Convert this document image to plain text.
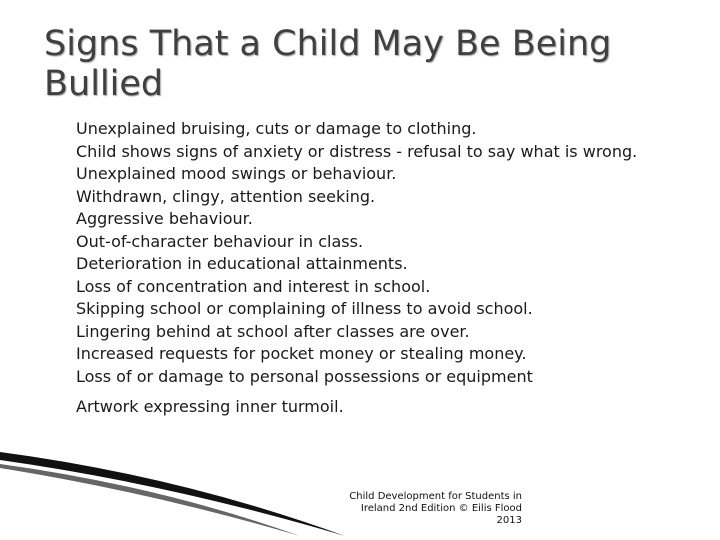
Signs That a Child May Be Being Bullied
Unexplained bruising, cuts or damage to clothing.
Child shows signs of anxiety or distress - refusal to say what is wrong.
Unexplained mood swings or behaviour.
Withdrawn, clingy, attention seeking.
Aggressive behaviour.
Out-of-character behaviour in class.
Deterioration in educational attainments.
Loss of concentration and interest in school.
Skipping school or complaining of illness to avoid school.
Lingering behind at school after classes are over.
Increased requests for pocket money or stealing money.
Loss of or damage to personal possessions or equipment
Artwork expressing inner turmoil.
Child Development for Students in
Ireland 2nd Edition © Eilis Flood
2013
